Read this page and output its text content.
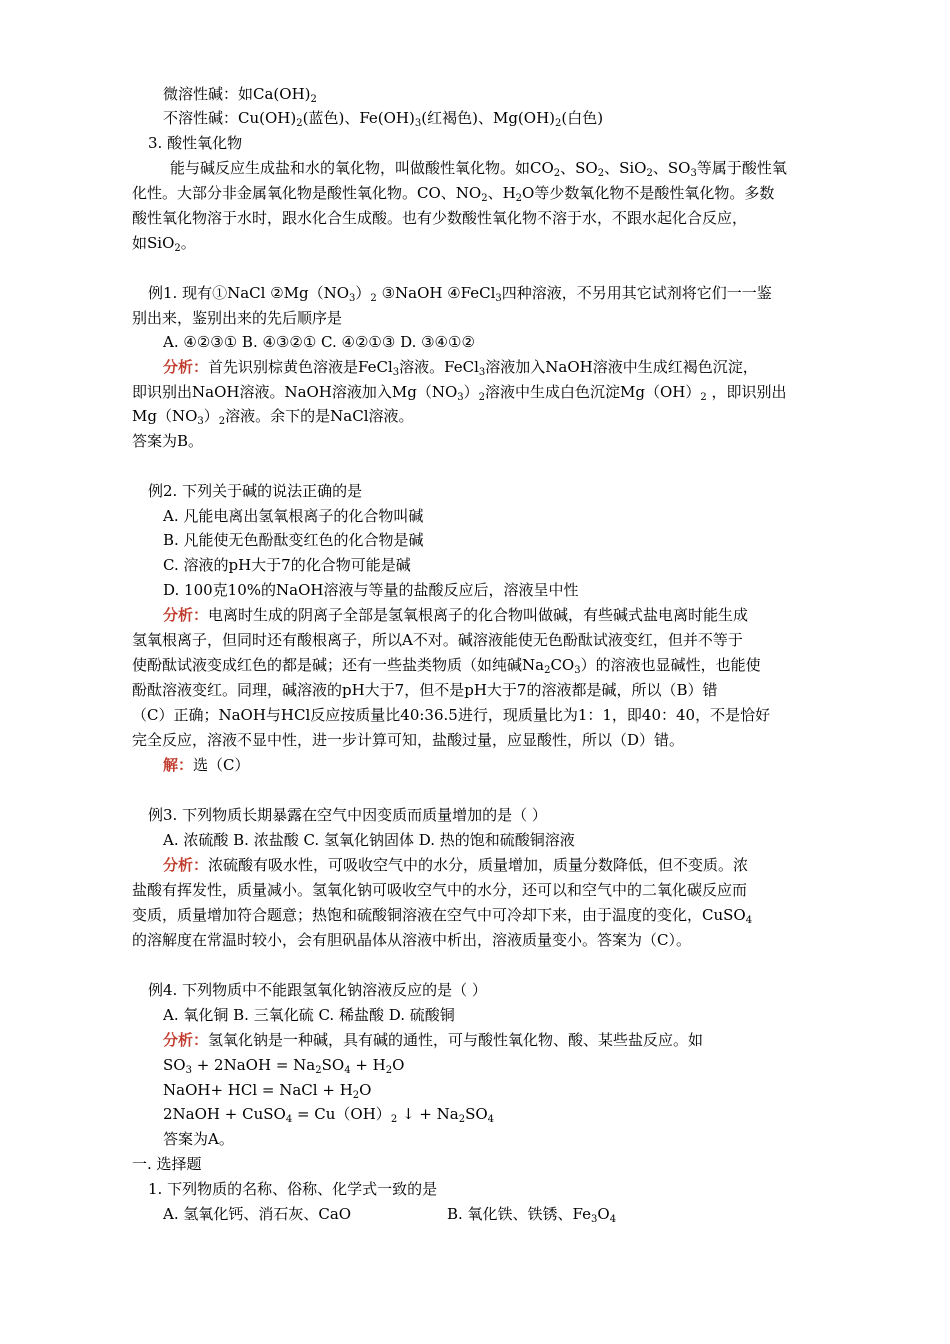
微溶性碱：如$Ca(OH)_2$
不溶性碱：$Cu(OH)_2$(蓝色)、$Fe(OH)_3$(红褐色)、$Mg(OH)_2$(白色)
3. 酸性氧化物
能与碱反应生成盐和水的氧化物，叫做酸性氧化物。如$CO_2$、$SO_2$、SiO$_2$、$SO_3$等属于酸性氧
化性。大部分非金属氧化物是酸性氧化物。CO、$NO_2$、$H_2O$等少数氧化物不是酸性氧化物。多数
酸性氧化物溶于水时，跟水化合生成酸。也有少数酸性氧化物不溶于水，不跟水起化合反应，
如SiO$_2$。
例1. 现有①NaCl $②Mg(NO_3)_2$ ③NaOH ④FeCl$_3$四种溶液，不另用其它试剂将它们一一鉴
别出来，鉴别出来的先后顺序是
A. ④②③① B. ④③②① C. ④②①③ D. ③④①②
分析：首先识别棕黄色溶液是FeCl$_3$溶液。FeCl$_3$溶液加入NaOH溶液中生成红褐色沉淀，
即识别出NaOH溶液。NaOH溶液加入$Mg(NO_3)_2$溶液中生成白色沉淀$Mg(OH)_2$ ，即识别出
$Mg(NO_3)_2$溶液。余下的是NaCl溶液。
答案为B。
例2. 下列关于碱的说法正确的是
A. 凡能电离出氢氧根离子的化合物叫碱
B. 凡能使无色酚酞变红色的化合物是碱
C. 溶液的pH大于7的化合物可能是碱
D. 100克10%的NaOH溶液与等量的盐酸反应后，溶液呈中性
分析：电离时生成的阴离子全部是氢氧根离子的化合物叫做碱，有些碱式盐电离时能生成
氢氧根离子，但同时还有酸根离子，所以A不对。碱溶液能使无色酚酞试液变红，但并不等于
使酚酞试液变成红色的都是碱；还有一些盐类物质（如纯碱$Na_2CO_3$）的溶液也显碱性，也能使
酚酞溶液变红。同理，碱溶液的pH大于7，但不是pH大于7的溶液都是碱，所以（B）错
（C）正确；NaOH与HCl反应按质量比40:36.5进行，现质量比为1：1，即40：40，不是恰好
完全反应，溶液不显中性，进一步计算可知，盐酸过量，应显酸性，所以（D）错。
解：选（C）
例3. 下列物质长期暴露在空气中因变质而质量增加的是（ ）
A. 浓硫酸 B. 浓盐酸 C. 氢氧化钠固体 D. 热的饱和硫酸铜溶液
分析：浓硫酸有吸水性，可吸收空气中的水分，质量增加，质量分数降低，但不变质。浓
盐酸有挥发性，质量减小。氢氧化钠可吸收空气中的水分，还可以和空气中的二氧化碳反应而
变质，质量增加符合题意；热饱和硫酸铜溶液在空气中可冷却下来，由于温度的变化，CuSO$_4$
的溶解度在常温时较小，会有胆矾晶体从溶液中析出，溶液质量变小。答案为（C）。
例4. 下列物质中不能跟氢氧化钠溶液反应的是（ ）
A. 氧化铜 B. 三氧化硫 C. 稀盐酸 D. 硫酸铜
分析：氢氧化钠是一种碱，具有碱的通性，可与酸性氧化物、酸、某些盐反应。如
$SO_3$ + 2NaOH = $Na_2SO_4 + H_2O$
NaOH+ HCl = NaCl + $H_2O$
2NaOH + CuSO$_4$ = $Cu(OH)_2$ ↓ + $Na_2SO_4$
答案为A。
一. 选择题
1. 下列物质的名称、俗称、化学式一致的是
A. 氢氧化钙、消石灰、CaO	B. 氧化铁、铁锈、$Fe_3O_4$
